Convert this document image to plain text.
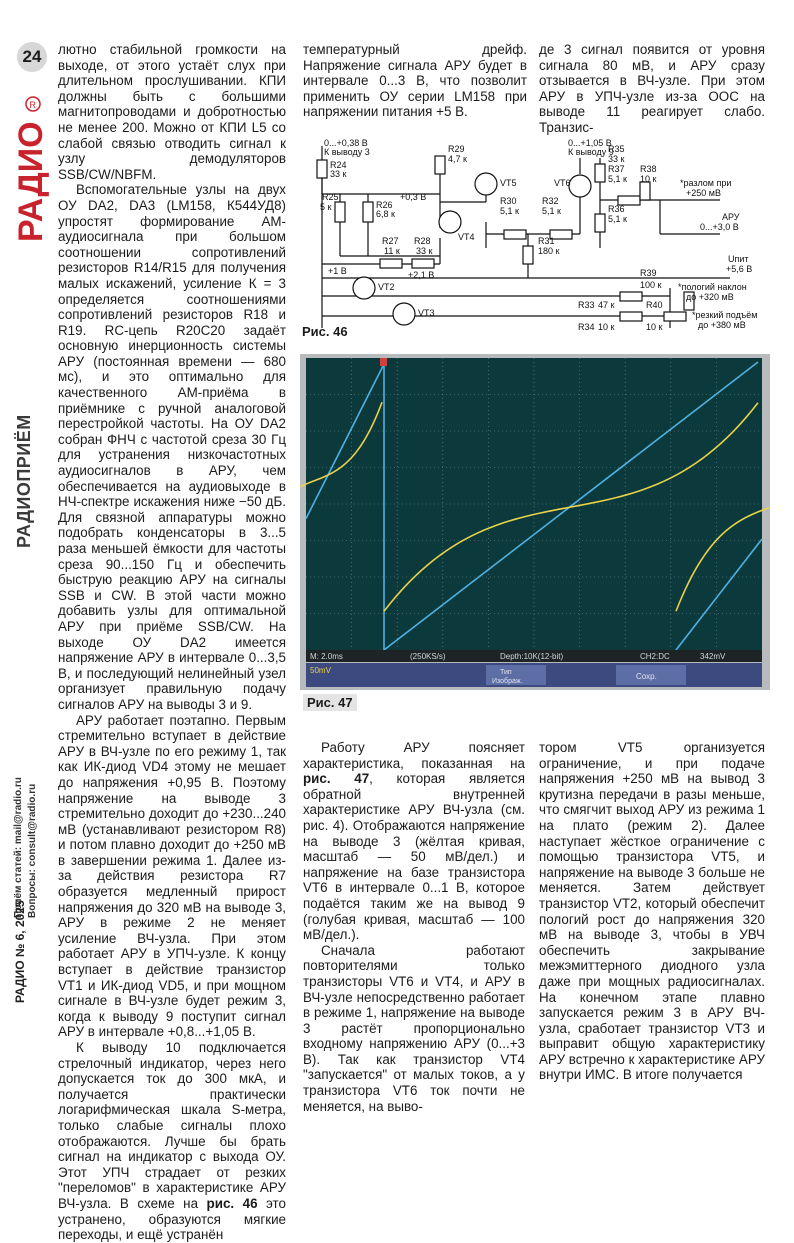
24
РАДИО
R
РАДИОПРИЁМ
Приём статей: mail@radio.ru Вопросы: consult@radio.ru
РАДИО № 6, 2025

лютно стабильной громкости на выходе, от этого устаёт слух при длительном прослушивании. КПИ должны быть с большими магнитопроводами и добротностью не менее 200. Можно от КПИ L5 со слабой связью отводить сигнал к узлу демодуляторов SSB/CW/NBFM.

Вспомогательные узлы на двух ОУ DA2, DA3 (LM158, К544УД8) упростят формирование АМ-аудиосигнала при большом соотношении сопротивлений резисторов R14/R15 для получения малых искажений, усиление К = 3 определяется соотношениями сопротивлений резисторов R18 и R19. RC-цепь R20C20 задаёт основную инерционность системы АРУ (постоянная времени — 680 мс), и это оптимально для качественного АМ-приёма в приёмнике с ручной аналоговой перестройкой частоты. На ОУ DA2 собран ФНЧ с частотой среза 30 Гц для устранения низкочастотных аудиосигналов в АРУ, чем обеспечивается на аудиовыходе в НЧ-спектре искажения ниже −50 дБ. Для связной аппаратуры можно подобрать конденсаторы в 3...5 раза меньшей ёмкости для частоты среза 90...150 Гц и обеспечить быструю реакцию АРУ на сигналы SSB и CW. В этой части можно добавить узлы для оптимальной АРУ при приёме SSB/CW. На выходе ОУ DA2 имеется напряжение АРУ в интервале 0...3,5 В, и последующий нелинейный узел организует правильную подачу сигналов АРУ на выводы 3 и 9.

АРУ работает поэтапно. Первым стремительно вступает в действие АРУ в ВЧ-узле по его режиму 1, так как ИК-диод VD4 этому не мешает до напряжения +0,95 В. Поэтому напряжение на выводе 3 стремительно доходит до +230...240 мВ (устанавливают резистором R8) и потом плавно доходит до +250 мВ в завершении режима 1. Далее из-за действия резистора R7 образуется медленный прирост напряжения до 320 мВ на выводе 3, АРУ в режиме 2 не меняет усиление ВЧ-узла. При этом работает АРУ в УПЧ-узле. К концу вступает в действие транзистор VT1 и ИК-диод VD5, и при мощном сигнале в ВЧ-узле будет режим 3, когда к выводу 9 поступит сигнал АРУ в интервале +0,8...+1,05 В.

К выводу 10 подключается стрелочный индикатор, через него допускается ток до 300 мкА, и получается практически логарифмическая шкала S-метра, только слабые сигналы плохо отображаются. Лучше бы брать сигнал на индикатор с выхода ОУ. Этот УПЧ страдает от резких "переломов" в характеристике АРУ ВЧ-узла. В схеме на рис. 46 это устранено, образуются мягкие переходы, и ещё устранён

температурный дрейф. Напряжение сигнала АРУ будет в интервале 0...3 В, что позволит применить ОУ серии LM158 при напряжении питания +5 В.

де 3 сигнал появится от уровня сигнала 80 мВ, и АРУ сразу отзывается в ВЧ-узле. При этом АРУ в УПЧ-узле из-за ООС на выводе 11 реагирует слабо. Транзис-

0...+0,38 В
К выводу 3
0...+1,05 В
К выводу 9
R24
33 к
R25
5 к	R26
6,8 к
R27
11 к
R28
33 к
R29
4,7 к
+0,3 В	R30
5,1 к
R31
180 к
R32
5,1 к
R33 47 к
R34 10 к
R35
33 к
R36
5,1 к
R37
5,1 к
R38
10 к
R39
100 к
R40
10 к
VT5
VT4
VT6
VT2
VT3
+1 В	+2,1 В
*разлом при
+250 мВ
АРУ
0...+3,0 В
Uпит
+5,6 В
*пологий наклон
до +320 мВ
*резкий подъём
до +380 мВ
Рис. 46
M: 2.0ms	(250KS/s)	Depth:10K(12-bit)	CH2:DC	342mV
50mV	Тип
Изображ.
Сохр.
Рис. 47

Работу АРУ поясняет характеристика, показанная на рис. 47, которая является обратной внутренней характеристике АРУ ВЧ-узла (см. рис. 4). Отображаются напряжение на выводе 3 (жёлтая кривая, масштаб — 50 мВ/дел.) и напряжение на базе транзистора VT6 в интервале 0...1 В, которое подаётся таким же на вывод 9 (голубая кривая, масштаб — 100 мВ/дел.).

Сначала работают повторителями только транзисторы VT6 и VT4, и АРУ в ВЧ-узле непосредственно работает в режиме 1, напряжение на выводе 3 растёт пропорционально входному напряжению АРУ (0...+3 В). Так как транзистор VT4 "запускается" от малых токов, а у транзистора VT6 ток почти не меняется, на выво-

тором VT5 организуется ограничение, и при подаче напряжения +250 мВ на вывод 3 крутизна передачи в разы меньше, что смягчит выход АРУ из режима 1 на плато (режим 2). Далее наступает жёсткое ограничение с помощью транзистора VT5, и напряжение на выводе 3 больше не меняется. Затем действует транзистор VT2, который обеспечит пологий рост до напряжения 320 мВ на выводе 3, чтобы в УВЧ обеспечить закрывание межэмиттерного диодного узла даже при мощных радиосигналах. На конечном этапе плавно запускается режим 3 в АРУ ВЧ-узла, сработает транзистор VT3 и выправит общую характеристику АРУ встречно к характеристике АРУ внутри ИМС. В итоге получается
